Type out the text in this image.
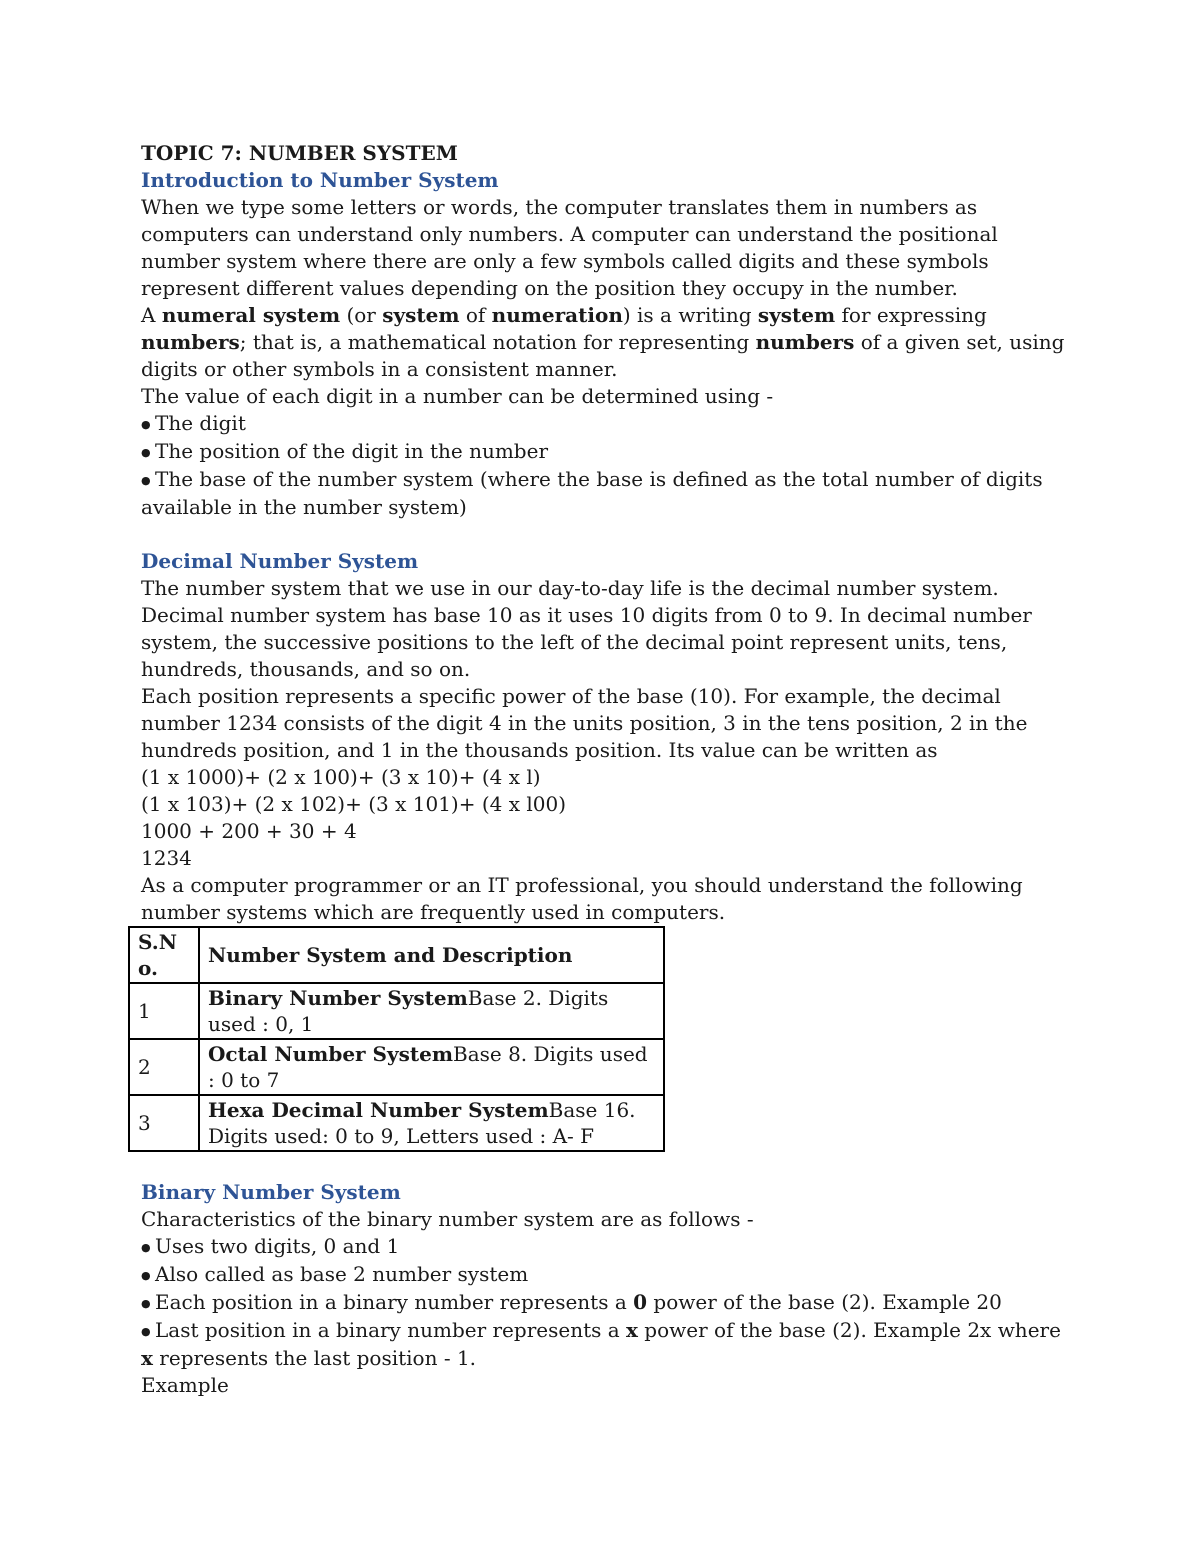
TOPIC 7: NUMBER SYSTEM

Introduction to Number System

When we type some letters or words, the computer translates them in numbers as computers can understand only numbers. A computer can understand the positional number system where there are only a few symbols called digits and these symbols represent different values depending on the position they occupy in the number.

A numeral system (or system of numeration) is a writing system for expressing numbers; that is, a mathematical notation for representing numbers of a given set, using digits or other symbols in a consistent manner.

The value of each digit in a number can be determined using -

● The digit

● The position of the digit in the number

● The base of the number system (where the base is defined as the total number of digits available in the number system)

Decimal Number System

The number system that we use in our day-to-day life is the decimal number system. Decimal number system has base 10 as it uses 10 digits from 0 to 9. In decimal number system, the successive positions to the left of the decimal point represent units, tens, hundreds, thousands, and so on.

Each position represents a specific power of the base (10). For example, the decimal number 1234 consists of the digit 4 in the units position, 3 in the tens position, 2 in the hundreds position, and 1 in the thousands position. Its value can be written as

(1 x 1000)+ (2 x 100)+ (3 x 10)+ (4 x l)

(1 x 103)+ (2 x 102)+ (3 x 101)+ (4 x l00)

1000 + 200 + 30 + 4

1234

As a computer programmer or an IT professional, you should understand the following number systems which are frequently used in computers.

S.N o.	Number System and Description
1	Binary Number SystemBase 2. Digits used : 0, 1
2	Octal Number SystemBase 8. Digits used : 0 to 7
3	Hexa Decimal Number SystemBase 16. Digits used: 0 to 9, Letters used : A- F

Binary Number System

Characteristics of the binary number system are as follows -

● Uses two digits, 0 and 1

● Also called as base 2 number system

● Each position in a binary number represents a 0 power of the base (2). Example 20

● Last position in a binary number represents a x power of the base (2). Example 2x where

x represents the last position - 1.

Example
